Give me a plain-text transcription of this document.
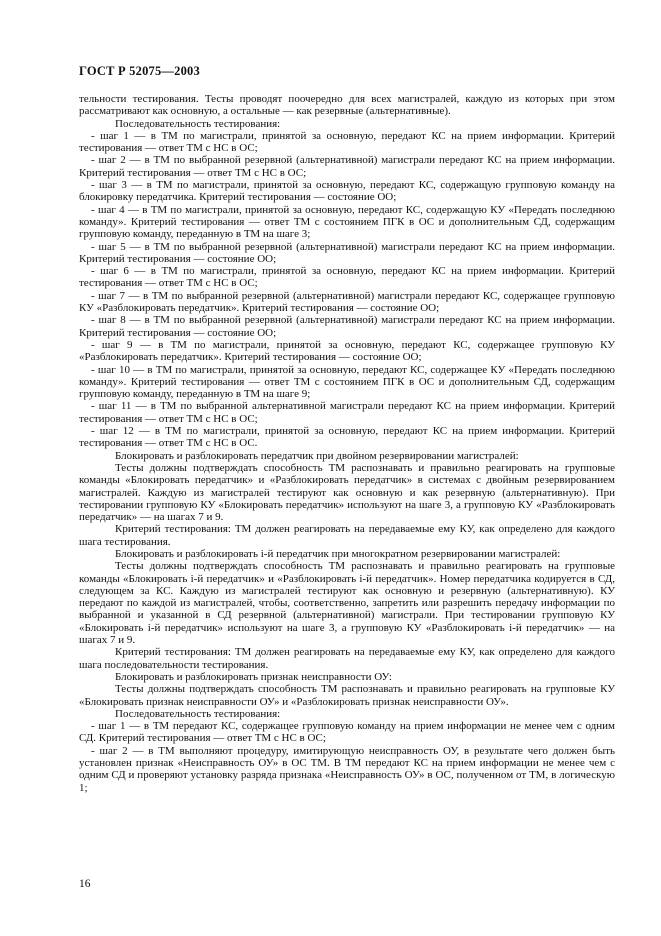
ГОСТ Р 52075—2003

тельности тестирования. Тесты проводят поочередно для всех магистралей, каждую из которых при этом рассматривают как основную, а остальные — как резервные (альтернативные).

Последовательность тестирования:

- шаг 1 — в ТМ по магистрали, принятой за основную, передают КС на прием информации. Критерий тестирования — ответ ТМ с НС в ОС;

- шаг 2 — в ТМ по выбранной резервной (альтернативной) магистрали передают КС на прием информации. Критерий тестирования — ответ ТМ с НС в ОС;

- шаг 3 — в ТМ по магистрали, принятой за основную, передают КС, содержащую групповую команду на блокировку передатчика. Критерий тестирования — состояние ОО;

- шаг 4 — в ТМ по магистрали, принятой за основную, передают КС, содержащую КУ «Передать последнюю команду». Критерий тестирования — ответ ТМ с состоянием ПГК в ОС и дополнительным СД, содержащим групповую команду, переданную в ТМ на шаге 3;

- шаг 5 — в ТМ по выбранной резервной (альтернативной) магистрали передают КС на прием информации. Критерий тестирования — состояние ОО;

- шаг 6 — в ТМ по магистрали, принятой за основную, передают КС на прием информации. Критерий тестирования — ответ ТМ с НС в ОС;

- шаг 7 — в ТМ по выбранной резервной (альтернативной) магистрали передают КС, содержащее групповую КУ «Разблокировать передатчик». Критерий тестирования — состояние ОО;

- шаг 8 — в ТМ по выбранной резервной (альтернативной) магистрали передают КС на прием информации. Критерий тестирования — состояние ОО;

- шаг 9 — в ТМ по магистрали, принятой за основную, передают КС, содержащее групповую КУ «Разблокировать передатчик». Критерий тестирования — состояние ОО;

- шаг 10 — в ТМ по магистрали, принятой за основную, передают КС, содержащее КУ «Передать последнюю команду». Критерий тестирования — ответ ТМ с состоянием ПГК в ОС и дополнительным СД, содержащим групповую команду, переданную в ТМ на шаге 9;

- шаг 11 — в ТМ по выбранной альтернативной магистрали передают КС на прием информации. Критерий тестирования — ответ ТМ с НС в ОС;

- шаг 12 — в ТМ по магистрали, принятой за основную, передают КС на прием информации. Критерий тестирования — ответ ТМ с НС в ОС.

Блокировать и разблокировать передатчик при двойном резервировании магистралей:

Тесты должны подтверждать способность ТМ распознавать и правильно реагировать на групповые команды «Блокировать передатчик» и «Разблокировать передатчик» в системах с двойным резервированием магистралей. Каждую из магистралей тестируют как основную и как резервную (альтернативную). При тестировании групповую КУ «Блокировать передатчик» используют на шаге 3, а групповую КУ «Разблокировать передатчик» — на шагах 7 и 9.

Критерий тестирования: ТМ должен реагировать на передаваемые ему КУ, как определено для каждого шага тестирования.

Блокировать и разблокировать i-й передатчик при многократном резервировании магистралей:

Тесты должны подтверждать способность ТМ распознавать и правильно реагировать на групповые команды «Блокировать i-й передатчик» и «Разблокировать i-й передатчик». Номер передатчика кодируется в СД, следующем за КС. Каждую из магистралей тестируют как основную и резервную (альтернативную). КУ передают по каждой из магистралей, чтобы, соответственно, запретить или разрешить передачу информации по выбранной и указанной в СД резервной (альтернативной) магистрали. При тестировании групповую КУ «Блокировать i-й передатчик» используют на шаге 3, а групповую КУ «Разблокировать i-й передатчик» — на шагах 7 и 9.

Критерий тестирования: ТМ должен реагировать на передаваемые ему КУ, как определено для каждого шага последовательности тестирования.

Блокировать и разблокировать признак неисправности ОУ:

Тесты должны подтверждать способность ТМ распознавать и правильно реагировать на групповые КУ «Блокировать признак неисправности ОУ» и «Разблокировать признак неисправности ОУ».

Последовательность тестирования:

- шаг 1 — в ТМ передают КС, содержащее групповую команду на прием информации не менее чем с одним СД. Критерий тестирования — ответ ТМ с НС в ОС;

- шаг 2 — в ТМ выполняют процедуру, имитирующую неисправность ОУ, в результате чего должен быть установлен признак «Неисправность ОУ» в ОС ТМ. В ТМ передают КС на прием информации не менее чем с одним СД и проверяют установку разряда признака «Неисправность ОУ» в ОС, полученном от ТМ, в логическую 1;

16
